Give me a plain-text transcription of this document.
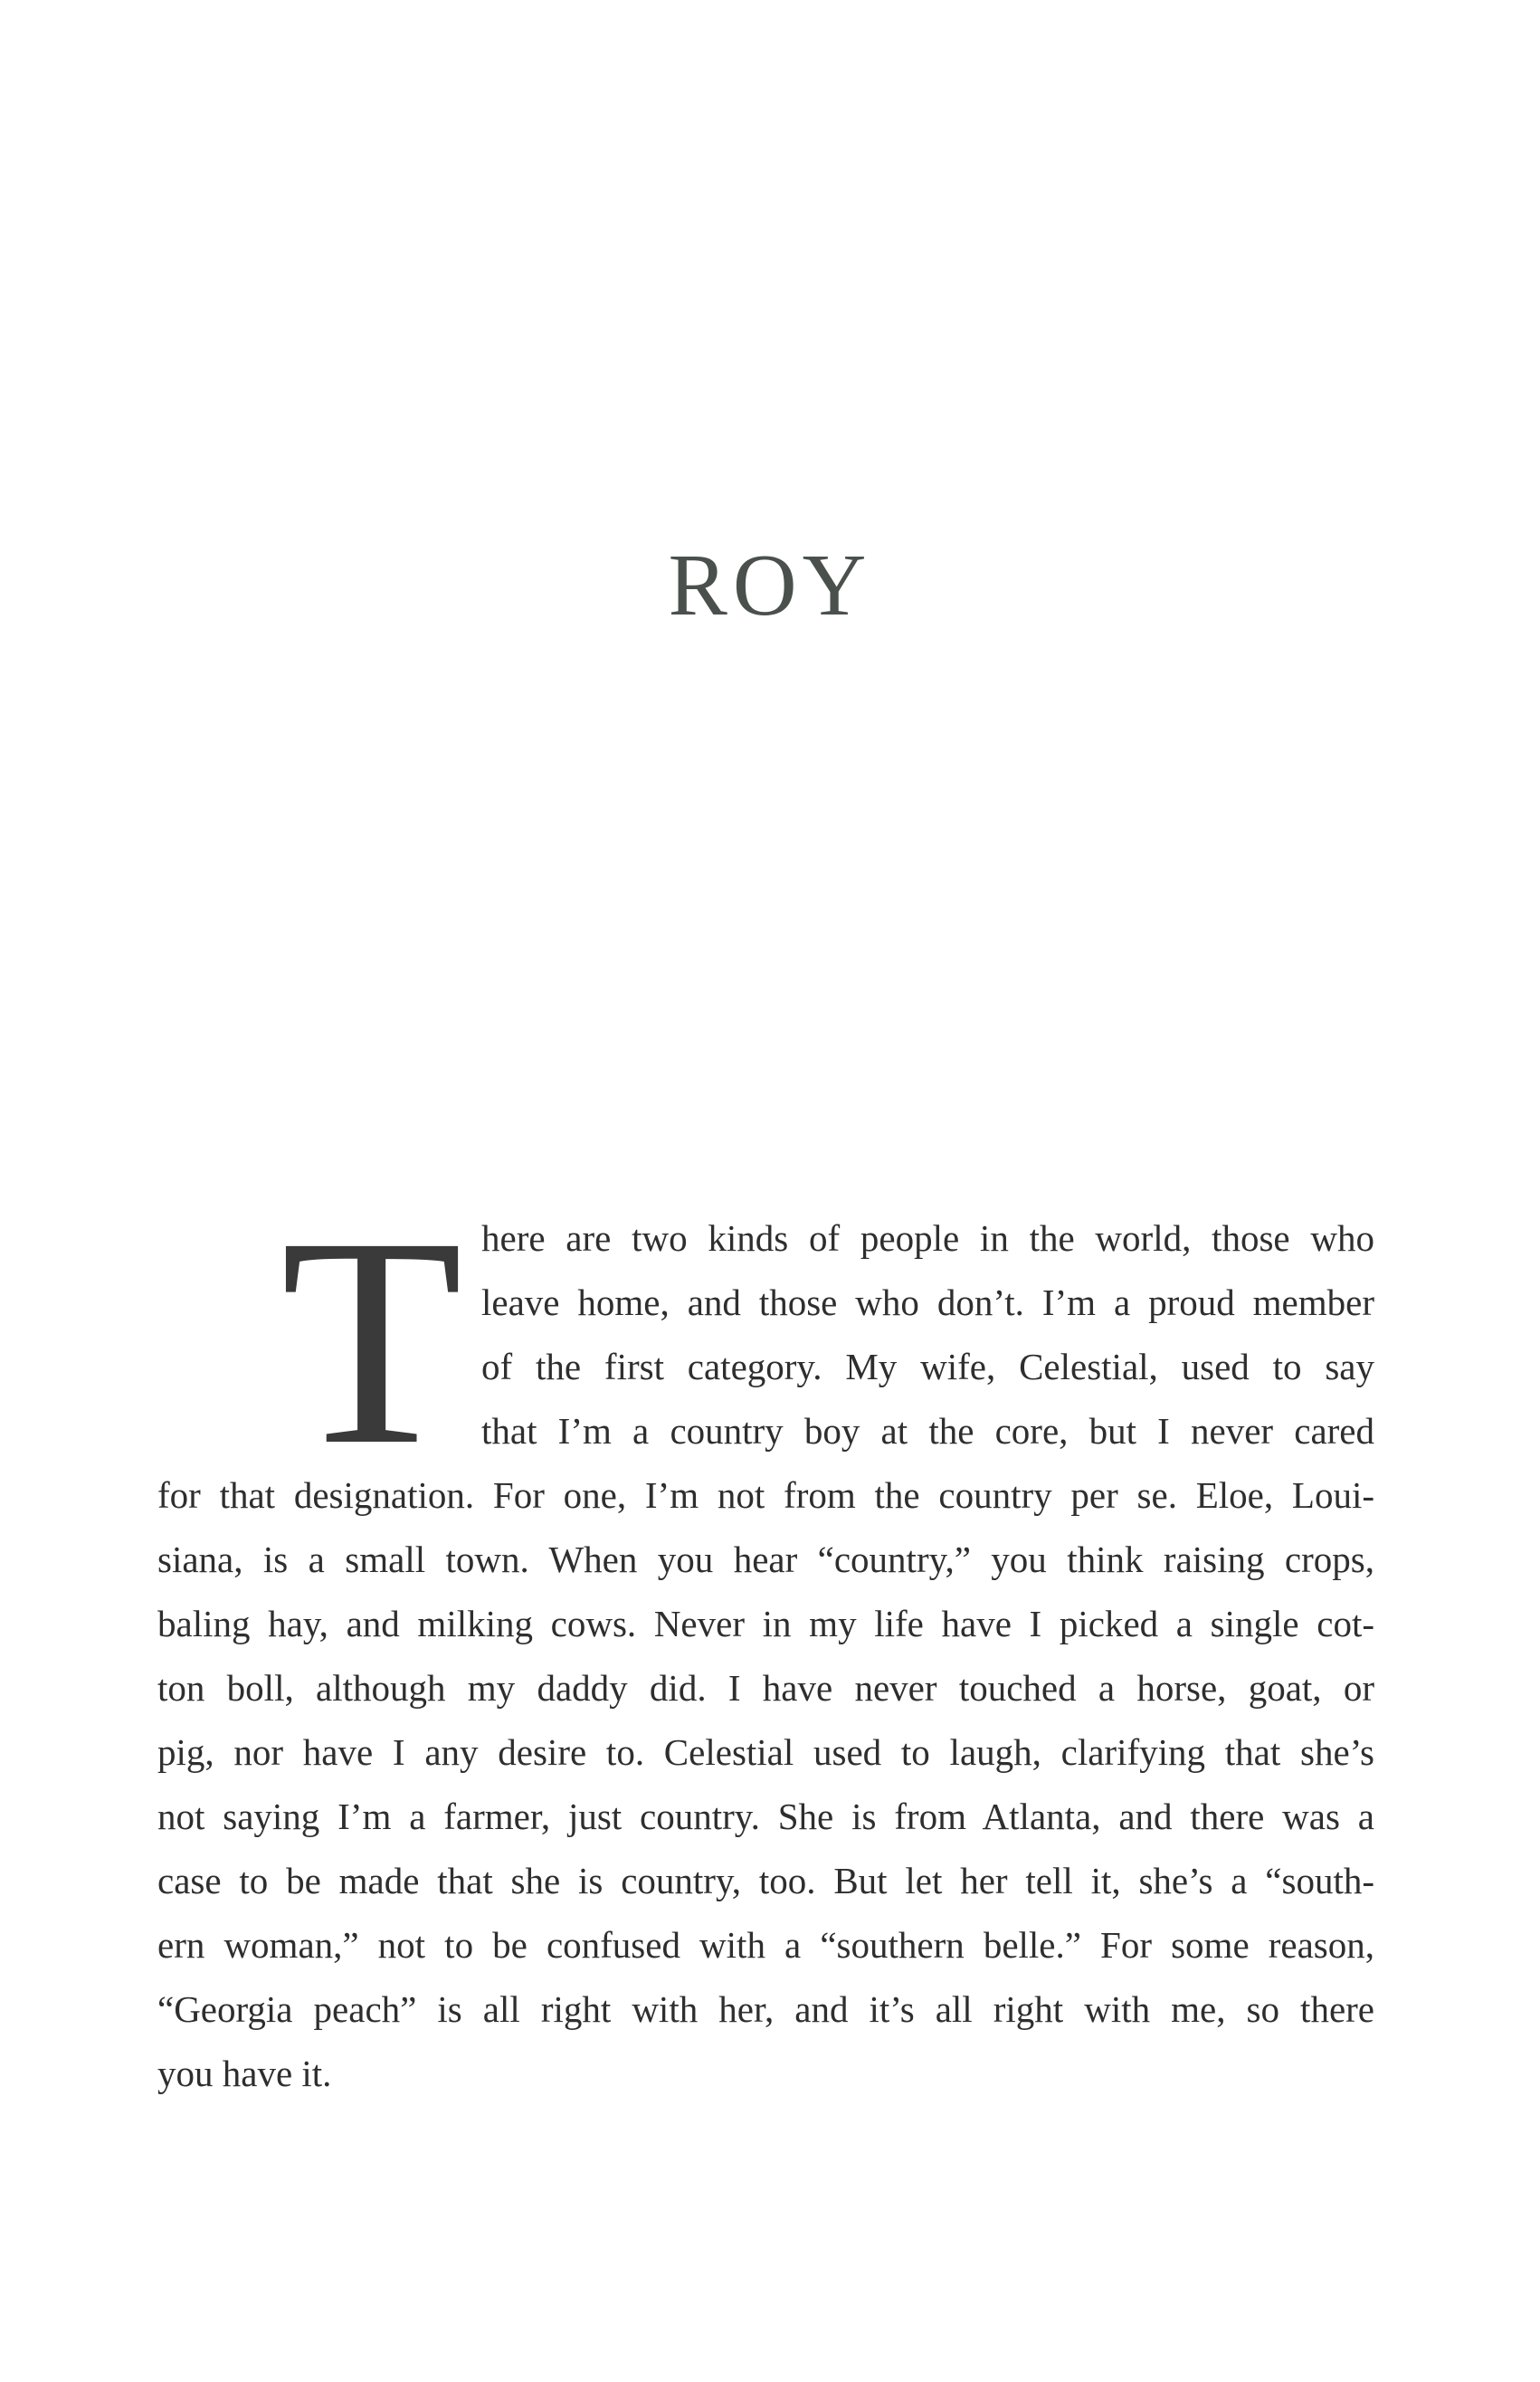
ROY
T here are two kinds of people in the world, those who
leave home, and those who don’t. I’m a proud member
of the first category. My wife, Celestial, used to say
that I’m a country boy at the core, but I never cared
for that designation. For one, I’m not from the country per se. Eloe, Loui-
siana, is a small town. When you hear “country,” you think raising crops,
baling hay, and milking cows. Never in my life have I picked a single cot-
ton boll, although my daddy did. I have never touched a horse, goat, or
pig, nor have I any desire to. Celestial used to laugh, clarifying that she’s
not saying I’m a farmer, just country. She is from Atlanta, and there was a
case to be made that she is country, too. But let her tell it, she’s a “south-
ern woman,” not to be confused with a “southern belle.” For some reason,
“Georgia peach” is all right with her, and it’s all right with me, so there
you have it.
